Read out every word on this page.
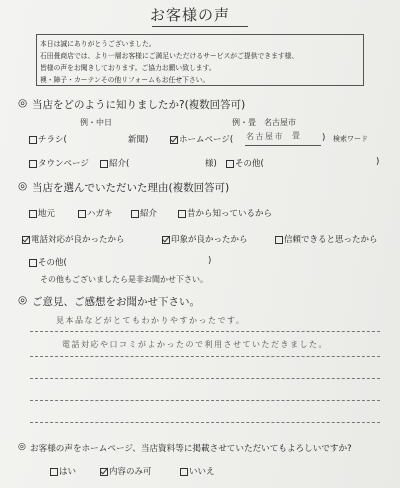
お客様の声
本日は誠にありがとうございました。
石田畳商店では、より一層お客様にご満足いただけるサービスがご提供できます様、
皆様の声をお聞きしております。ご協力お願い致します。
襖・障子・カーテンその他リフォームもお任せ下さい。
◎ 当店をどのように知りましたか?(複数回答可)
例・中日	例・畳　名古屋市
チラシ(	新聞)	ホームページ( 名古屋市 畳 ) 検索ワード
タウンページ 紹介(	様) その他(	)
◎ 当店を選んでいただいた理由(複数回答可)
地元	ハガキ	紹介	昔から知っているから
電話対応が良かったから	印象が良かったから	信頼できると思ったから
その他(	)
その他もございましたら是非お聞かせ下さい。
◎ ご意見、ご感想をお聞かせ下さい。
見本品などがとてもわかりやすかったです。
電話対応や口コミがよかったので利用させていただきました。
◎ お客様の声をホームページ、当店資料等に掲載させていただいてもよろしいですか?
はい	内容のみ可	いいえ
